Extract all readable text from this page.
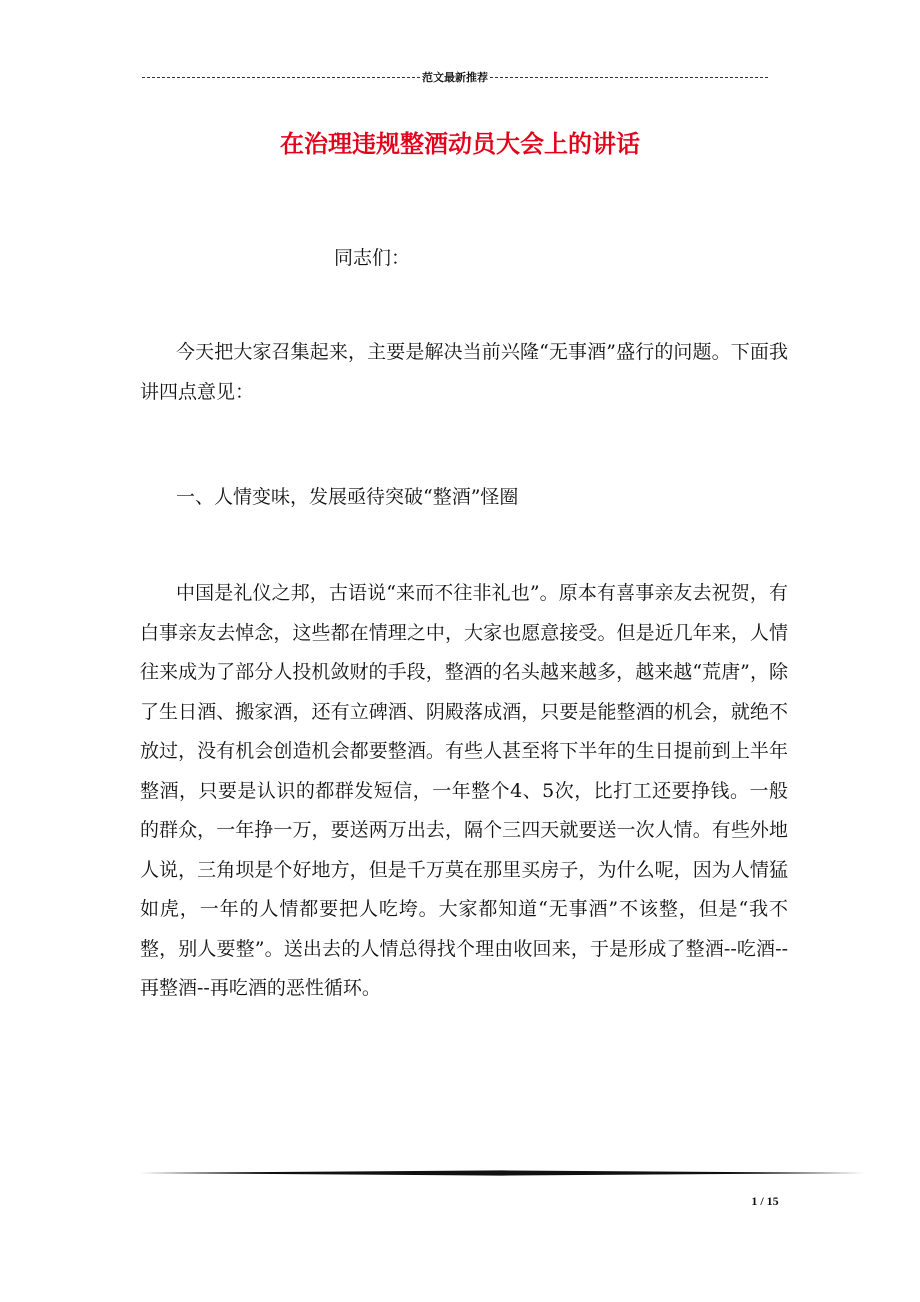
范文最新推荐
在治理违规整酒动员大会上的讲话
同志们：

今天把大家召集起来，主要是解决当前兴隆“无事酒”盛行的问题。下面我讲四点意见：

一、人情变味，发展亟待突破“整酒”怪圈

中国是礼仪之邦，古语说“来而不往非礼也”。原本有喜事亲友去祝贺，有白事亲友去悼念，这些都在情理之中，大家也愿意接受。但是近几年来，人情往来成为了部分人投机敛财的手段，整酒的名头越来越多，越来越“荒唐”，除了生日酒、搬家酒，还有立碑酒、阴殿落成酒，只要是能整酒的机会，就绝不放过，没有机会创造机会都要整酒。有些人甚至将下半年的生日提前到上半年整酒，只要是认识的都群发短信，一年整个4、5次，比打工还要挣钱。一般的群众，一年挣一万，要送两万出去，隔个三四天就要送一次人情。有些外地人说，三角坝是个好地方，但是千万莫在那里买房子，为什么呢，因为人情猛如虎，一年的人情都要把人吃垮。大家都知道“无事酒”不该整，但是“我不整，别人要整”。送出去的人情总得找个理由收回来，于是形成了整酒--吃酒--再整酒--再吃酒的恶性循环。

1 / 15
